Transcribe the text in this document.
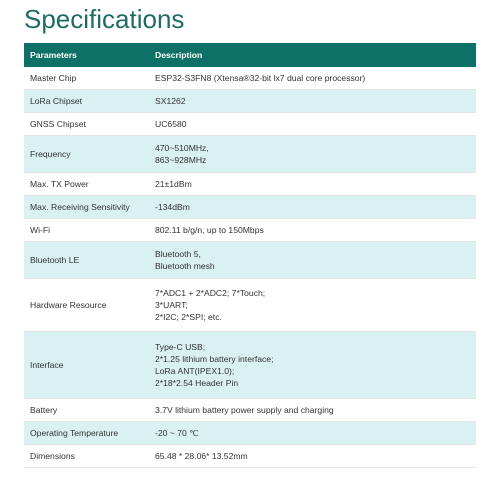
Specifications
Parameters	Description
Master Chip	ESP32-S3FN8 (Xtensa®32-bit lx7 dual core processor)

LoRa Chipset	SX1262

GNSS Chipset	UC6580

Frequency	470~510MHz,
863~928MHz

Max. TX Power	21±1dBm

Max. Receiving Sensitivity	-134dBm

Wi-Fi	802.11 b/g/n, up to 150Mbps

Bluetooth LE	Bluetooth 5,
Bluetooth mesh

Hardware Resource	7*ADC1 + 2*ADC2; 7*Touch;
3*UART;
2*I2C; 2*SPI; etc.

Interface	Type-C USB;
2*1.25 lithium battery interface;
LoRa ANT(IPEX1.0);
2*18*2.54 Header Pin

Battery	3.7V lithium battery power supply and charging

Operating Temperature	-20 ~ 70 ℃

Dimensions	65.48 * 28.06* 13.52mm
